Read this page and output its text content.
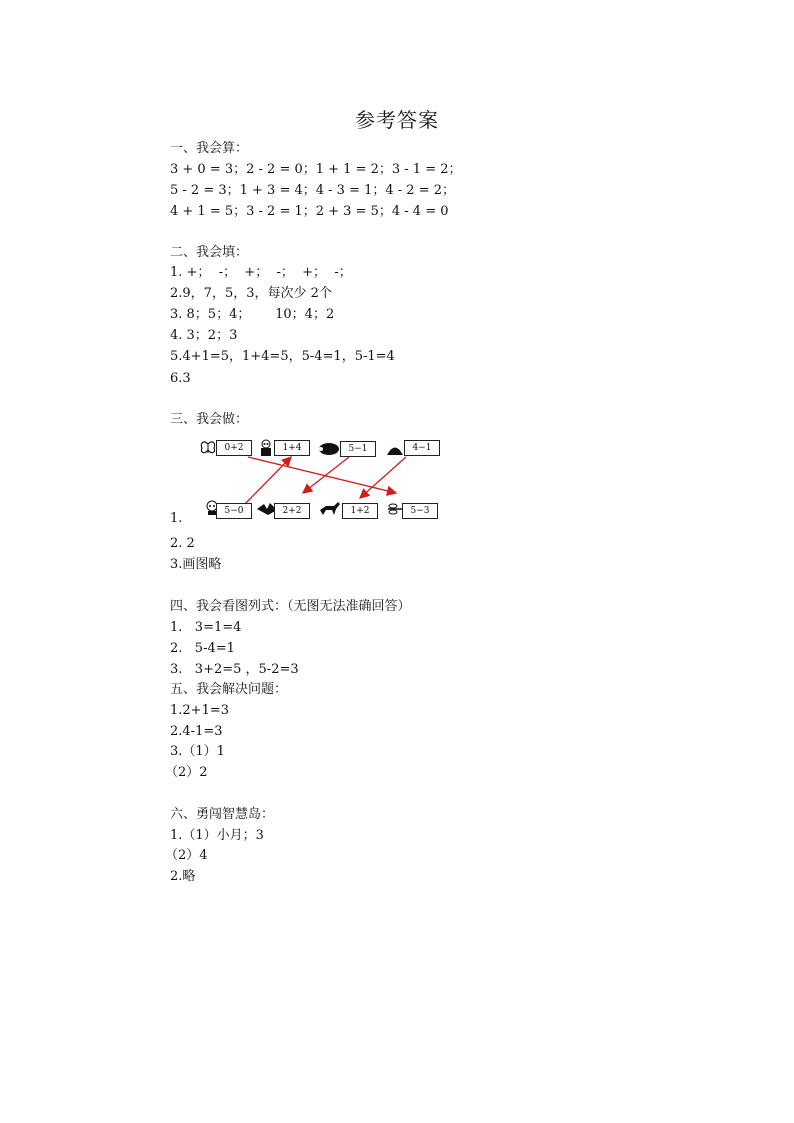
参考答案
一、我会算：
3 + 0 = 3；2 - 2 = 0；1 + 1 = 2；3 - 1 = 2；
5 - 2 = 3；1 + 3 = 4；4 - 3 = 1；4 - 2 = 2；
4 + 1 = 5；3 - 2 = 1；2 + 3 = 5；4 - 4 = 0
二、我会填：
1. +；  -；  +；  -；  +；  -；
2.9，7，5，3，每次少 2个
3. 8；5；4；      10；4；2
4. 3；2；3
5.4+1=5，1+4=5，5-4=1，5-1=4
6.3
三、我会做：
0+2	1+4	5−1	4−1
5−0	2+2	1+2	5−3
1.
2. 2
3.画图略
四、我会看图列式：（无图无法准确回答）
1.   3=1=4
2.   5-4=1
3.   3+2=5 ，5-2=3
五、我会解决问题：
1.2+1=3
2.4-1=3
3.（1）1
（2）2
六、勇闯智慧岛：
1.（1）小月；3
（2）4
2.略
